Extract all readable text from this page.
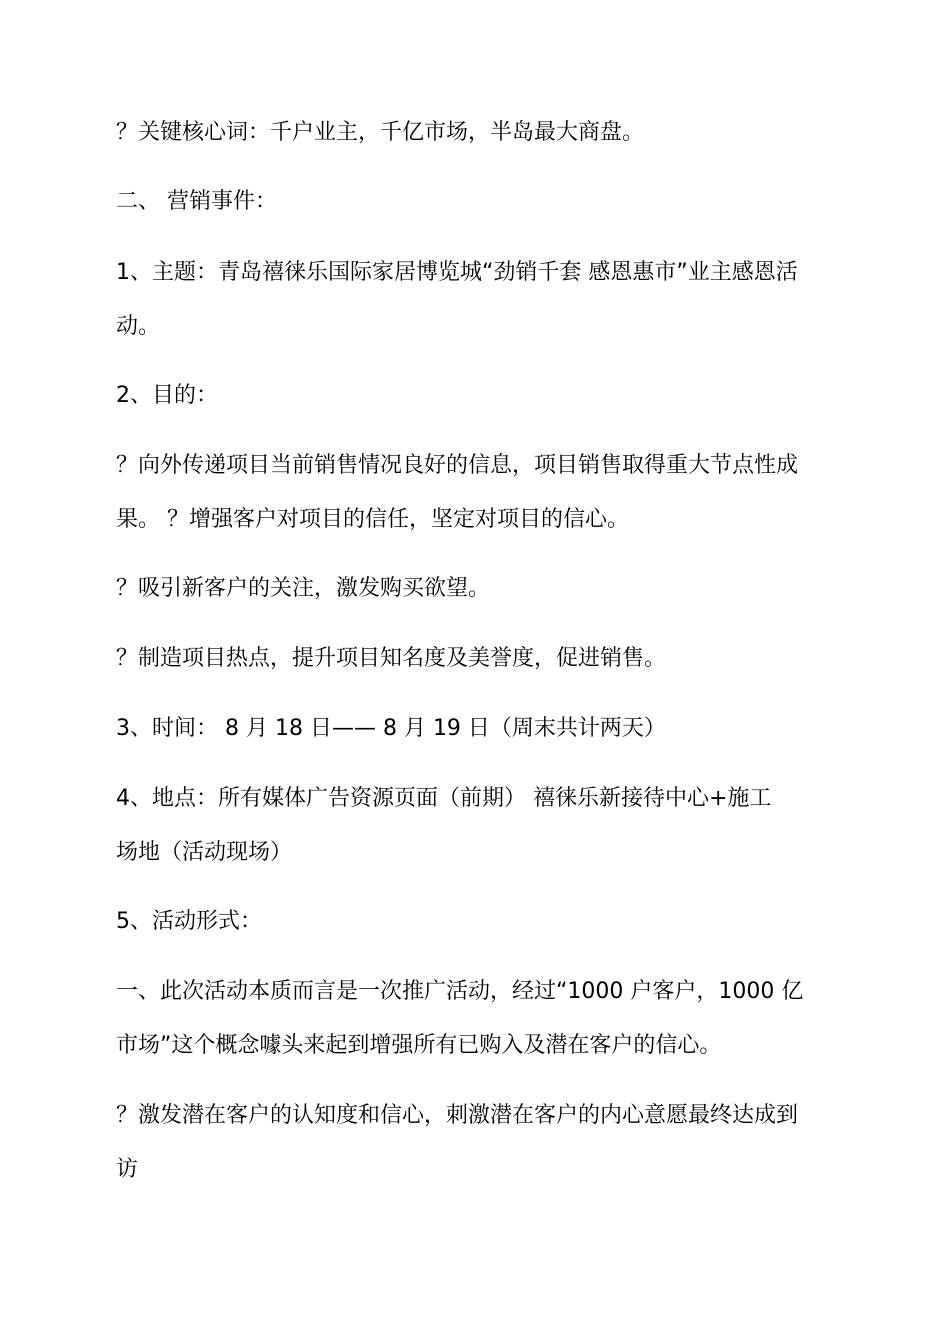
？关键核心词：千户业主，千亿市场，半岛最大商盘。
二、 营销事件：
1、主题：青岛禧徕乐国际家居博览城“劲销千套 感恩惠市”业主感恩活
动。
2、目的：
？向外传递项目当前销售情况良好的信息，项目销售取得重大节点性成
果。 ？增强客户对项目的信任，坚定对项目的信心。
？吸引新客户的关注，激发购买欲望。
？制造项目热点，提升项目知名度及美誉度，促进销售。
3、时间： 8 月 18 日—— 8 月 19 日（周末共计两天）
4、地点：所有媒体广告资源页面（前期） 禧徕乐新接待中心+施工
场地（活动现场）
5、活动形式：
一、此次活动本质而言是一次推广活动，经过“1000 户客户，1000 亿
市场”这个概念噱头来起到增强所有已购入及潜在客户的信心。
？激发潜在客户的认知度和信心，刺激潜在客户的内心意愿最终达成到
访
